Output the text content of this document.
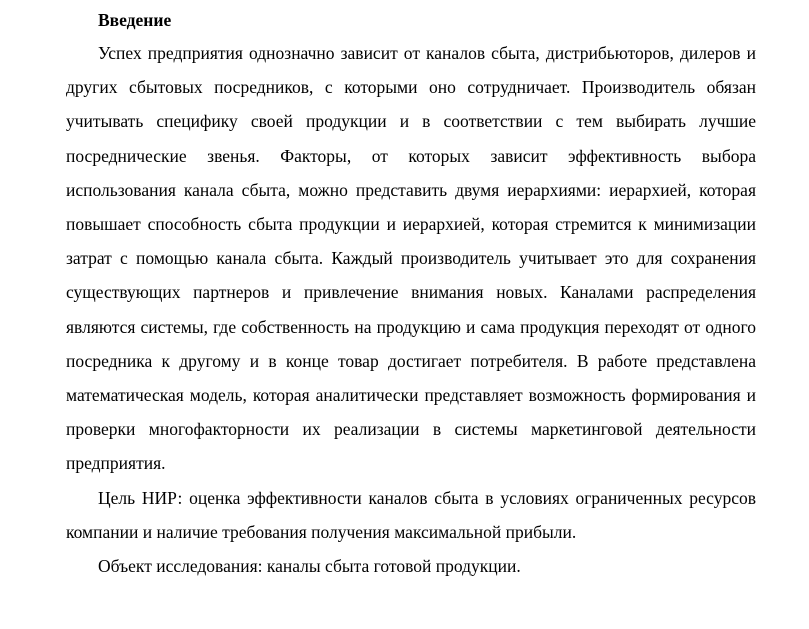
Введение

Успех предприятия однозначно зависит от каналов сбыта, дистрибьюторов, дилеров и других сбытовых посредников, с которыми оно сотрудничает. Производитель обязан учитывать специфику своей продукции и в соответствии с тем выбирать лучшие посреднические звенья. Факторы, от которых зависит эффективность выбора использования канала сбыта, можно представить двумя иерархиями: иерархией, которая повышает способность сбыта продукции и иерархией, которая стремится к минимизации затрат с помощью канала сбыта. Каждый производитель учитывает это для сохранения существующих партнеров и привлечение внимания новых. Каналами распределения являются системы, где собственность на продукцию и сама продукция переходят от одного посредника к другому и в конце товар достигает потребителя. В работе представлена математическая модель, которая аналитически представляет возможность формирования и проверки многофакторности их реализации в системы маркетинговой деятельности предприятия.

Цель НИР: оценка эффективности каналов сбыта в условиях ограниченных ресурсов компании и наличие требования получения максимальной прибыли.

Объект исследования: каналы сбыта готовой продукции.
